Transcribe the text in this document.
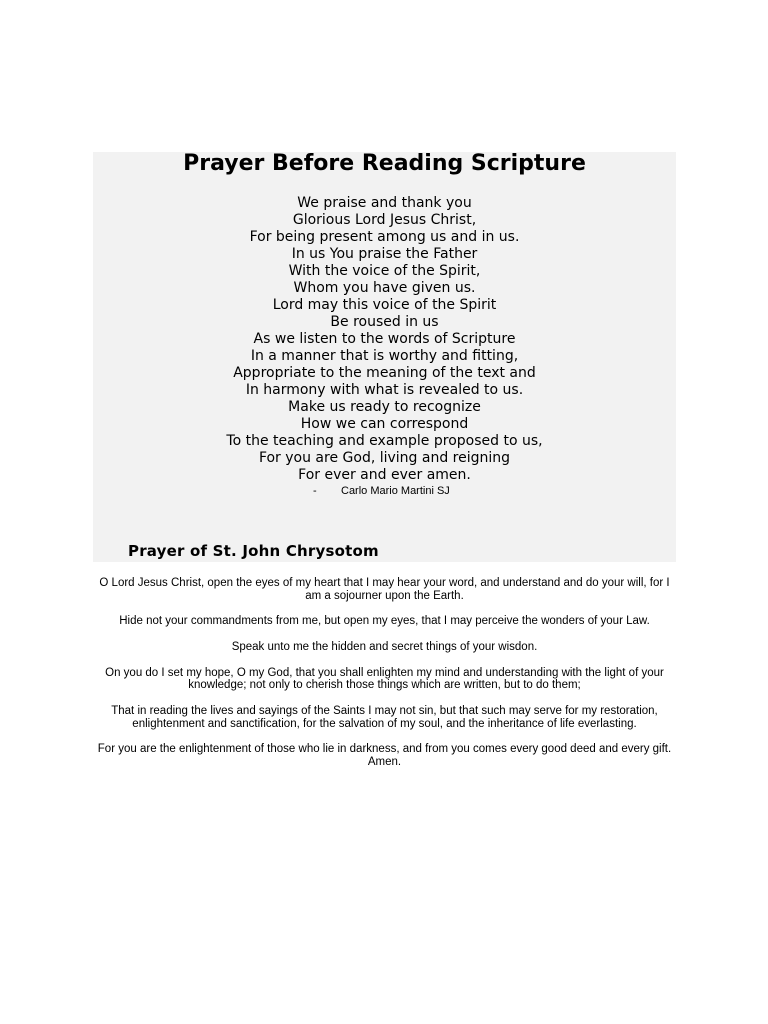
Prayer Before Reading Scripture
We praise and thank you
Glorious Lord Jesus Christ,
For being present among us and in us.
In us You praise the Father
With the voice of the Spirit,
Whom you have given us.
Lord may this voice of the Spirit
Be roused in us
As we listen to the words of Scripture
In a manner that is worthy and fitting,
Appropriate to the meaning of the text and
In harmony with what is revealed to us.
Make us ready to recognize
How we can correspond
To the teaching and example proposed to us,
For you are God, living and reigning
For ever and ever amen.
- Carlo Mario Martini SJ
Prayer of St. John Chrysotom

O Lord Jesus Christ, open the eyes of my heart that I may hear your word, and understand and do your will, for I am a sojourner upon the Earth.

Hide not your commandments from me, but open my eyes, that I may perceive the wonders of your Law.

Speak unto me the hidden and secret things of your wisdon.

On you do I set my hope, O my God, that you shall enlighten my mind and understanding with the light of your knowledge; not only to cherish those things which are written, but to do them;

That in reading the lives and sayings of the Saints I may not sin, but that such may serve for my restoration, enlightenment and sanctification, for the salvation of my soul, and the inheritance of life everlasting.

For you are the enlightenment of those who lie in darkness, and from you comes every good deed and every gift. Amen.
